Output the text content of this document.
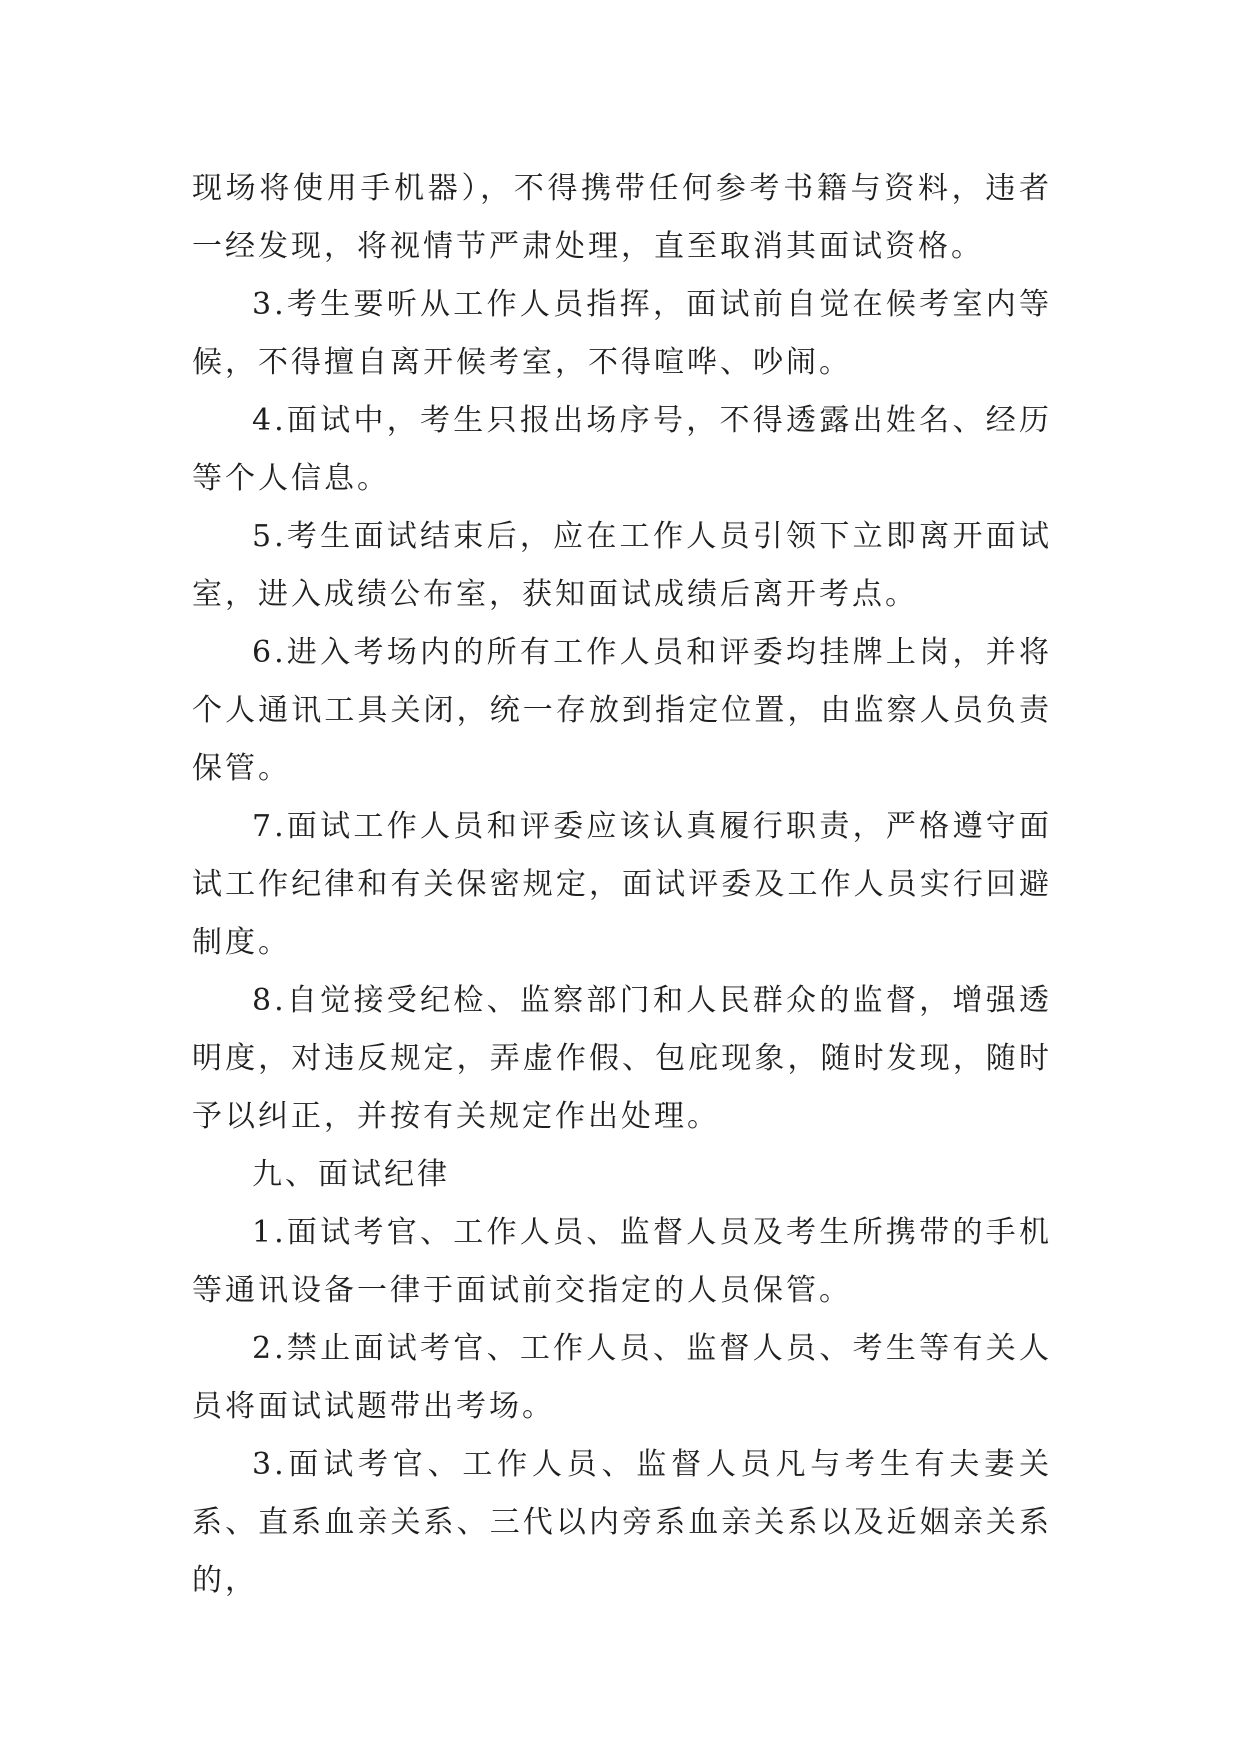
现场将使用手机器），不得携带任何参考书籍与资料，违者一经发现，将视情节严肃处理，直至取消其面试资格。

3.考生要听从工作人员指挥，面试前自觉在候考室内等候，不得擅自离开候考室，不得喧哗、吵闹。

4.面试中，考生只报出场序号，不得透露出姓名、经历等个人信息。

5.考生面试结束后，应在工作人员引领下立即离开面试室，进入成绩公布室，获知面试成绩后离开考点。

6.进入考场内的所有工作人员和评委均挂牌上岗，并将个人通讯工具关闭，统一存放到指定位置，由监察人员负责保管。

7.面试工作人员和评委应该认真履行职责，严格遵守面试工作纪律和有关保密规定，面试评委及工作人员实行回避制度。

8.自觉接受纪检、监察部门和人民群众的监督，增强透明度，对违反规定，弄虚作假、包庇现象，随时发现，随时予以纠正，并按有关规定作出处理。

九、面试纪律

1.面试考官、工作人员、监督人员及考生所携带的手机等通讯设备一律于面试前交指定的人员保管。

2.禁止面试考官、工作人员、监督人员、考生等有关人员将面试试题带出考场。

3.面试考官、工作人员、监督人员凡与考生有夫妻关系、直系血亲关系、三代以内旁系血亲关系以及近姻亲关系的，
